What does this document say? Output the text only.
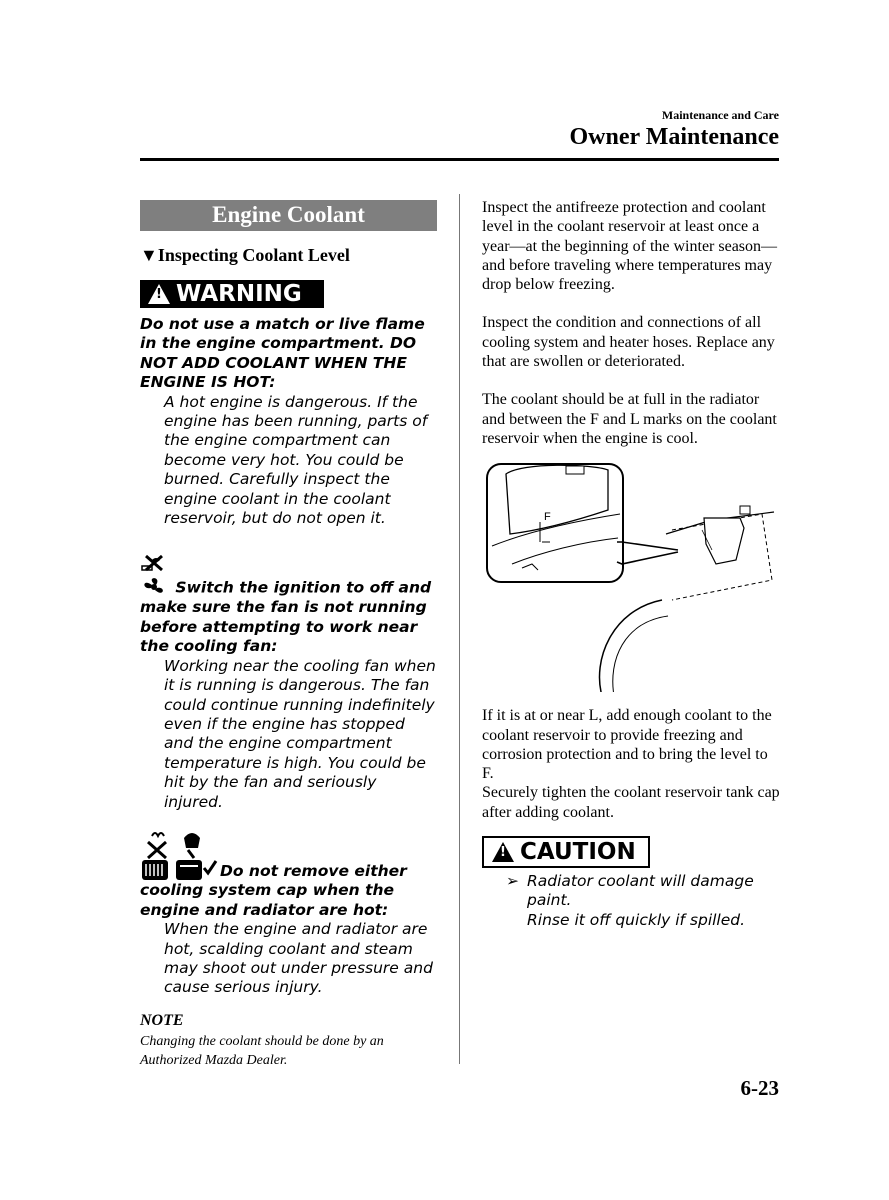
Maintenance and Care
Owner Maintenance
Engine Coolant
▼Inspecting Coolant Level
! WARNING
Do not use a match or live flame in the engine compartment. DO NOT ADD COOLANT WHEN THE ENGINE IS HOT:
A hot engine is dangerous. If the engine has been running, parts of the engine compartment can become very hot. You could be burned. Carefully inspect the engine coolant in the coolant reservoir, but do not open it.
Switch the ignition to off and make sure the fan is not running before attempting to work near the cooling fan:
Working near the cooling fan when it is running is dangerous. The fan could continue running indefinitely even if the engine has stopped and the engine compartment temperature is high. You could be hit by the fan and seriously injured.
Do not remove either cooling system cap when the engine and radiator are hot:
When the engine and radiator are hot, scalding coolant and steam may shoot out under pressure and cause serious injury.
NOTE
Changing the coolant should be done by an Authorized Mazda Dealer.
Inspect the antifreeze protection and coolant level in the coolant reservoir at least once a year—at the beginning of the winter season—and before traveling where temperatures may drop below freezing.
Inspect the condition and connections of all cooling system and heater hoses. Replace any that are swollen or deteriorated.
The coolant should be at full in the radiator and between the F and L marks on the coolant reservoir when the engine is cool.
F
If it is at or near L, add enough coolant to the coolant reservoir to provide freezing and corrosion protection and to bring the level to F.
Securely tighten the coolant reservoir tank cap after adding coolant.
! CAUTION
➢ Radiator coolant will damage paint.
Rinse it off quickly if spilled.
6-23
